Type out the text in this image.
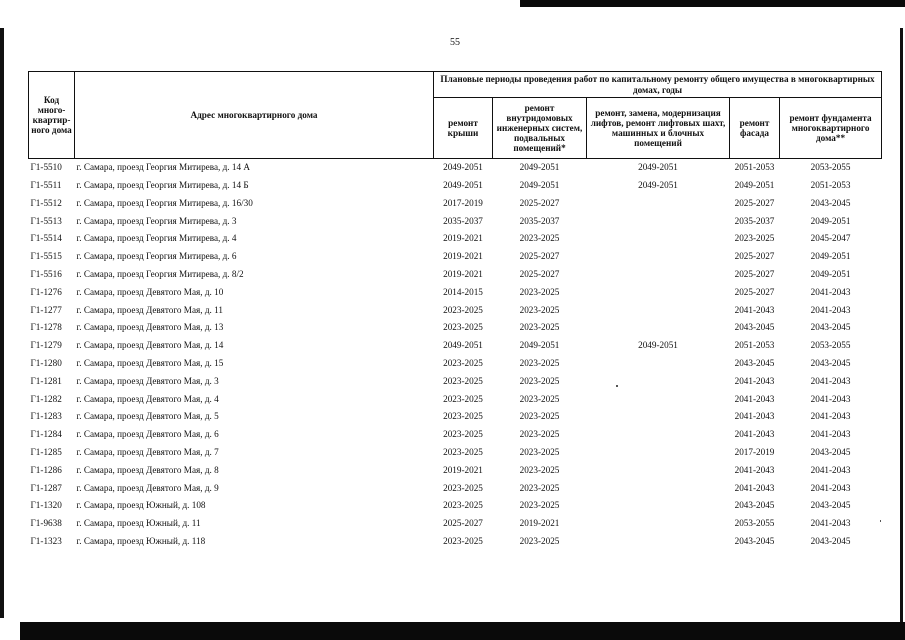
55
Код много-квартир-ного дома	Адрес многоквартирного дома	Плановые периоды проведения работ по капитальному ремонту общего имущества в многоквартирных домах, годы				
		ремонт крыши	ремонт внутридомовых инженерных систем, подвальных помещений*	ремонт, замена, модернизация лифтов, ремонт лифтовых шахт, машинных и блочных помещений	ремонт фасада	ремонт фундамента многоквартирного дома**
Г1-5510	г. Самара, проезд Георгия Митирева, д. 14 А	2049-2051	2049-2051	2049-2051	2051-2053	2053-2055
Г1-5511	г. Самара, проезд Георгия Митирева, д. 14 Б	2049-2051	2049-2051	2049-2051	2049-2051	2051-2053
Г1-5512	г. Самара, проезд Георгия Митирева, д. 16/30	2017-2019	2025-2027		2025-2027	2043-2045
Г1-5513	г. Самара, проезд Георгия Митирева, д. 3	2035-2037	2035-2037		2035-2037	2049-2051
Г1-5514	г. Самара, проезд Георгия Митирева, д. 4	2019-2021	2023-2025		2023-2025	2045-2047
Г1-5515	г. Самара, проезд Георгия Митирева, д. 6	2019-2021	2025-2027		2025-2027	2049-2051
Г1-5516	г. Самара, проезд Георгия Митирева, д. 8/2	2019-2021	2025-2027		2025-2027	2049-2051
Г1-1276	г. Самара, проезд Девятого Мая, д. 10	2014-2015	2023-2025		2025-2027	2041-2043
Г1-1277	г. Самара, проезд Девятого Мая, д. 11	2023-2025	2023-2025		2041-2043	2041-2043
Г1-1278	г. Самара, проезд Девятого Мая, д. 13	2023-2025	2023-2025		2043-2045	2043-2045
Г1-1279	г. Самара, проезд Девятого Мая, д. 14	2049-2051	2049-2051	2049-2051	2051-2053	2053-2055
Г1-1280	г. Самара, проезд Девятого Мая, д. 15	2023-2025	2023-2025		2043-2045	2043-2045
Г1-1281	г. Самара, проезд Девятого Мая, д. 3	2023-2025	2023-2025		2041-2043	2041-2043
Г1-1282	г. Самара, проезд Девятого Мая, д. 4	2023-2025	2023-2025		2041-2043	2041-2043
Г1-1283	г. Самара, проезд Девятого Мая, д. 5	2023-2025	2023-2025		2041-2043	2041-2043
Г1-1284	г. Самара, проезд Девятого Мая, д. 6	2023-2025	2023-2025		2041-2043	2041-2043
Г1-1285	г. Самара, проезд Девятого Мая, д. 7	2023-2025	2023-2025		2017-2019	2043-2045
Г1-1286	г. Самара, проезд Девятого Мая, д. 8	2019-2021	2023-2025		2041-2043	2041-2043
Г1-1287	г. Самара, проезд Девятого Мая, д. 9	2023-2025	2023-2025		2041-2043	2041-2043
Г1-1320	г. Самара, проезд Южный, д. 108	2023-2025	2023-2025		2043-2045	2043-2045
Г1-9638	г. Самара, проезд Южный, д. 11	2025-2027	2019-2021		2053-2055	2041-2043
Г1-1323	г. Самара, проезд Южный, д. 118	2023-2025	2023-2025		2043-2045	2043-2045
